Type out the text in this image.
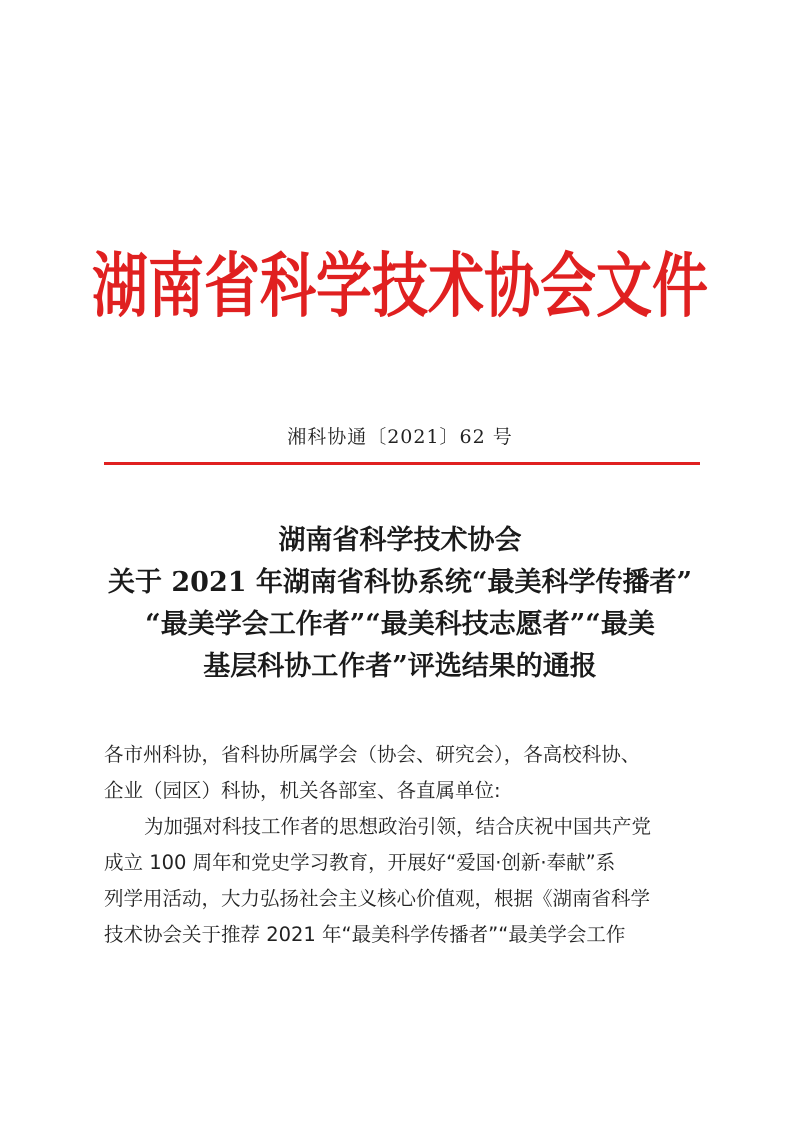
湖南省科学技术协会文件
湘科协通〔2021〕62 号
湖南省科学技术协会
关于 2021 年湖南省科协系统“最美科学传播者”
“最美学会工作者”“最美科技志愿者”“最美
基层科协工作者”评选结果的通报
各市州科协，省科协所属学会（协会、研究会），各高校科协、
企业（园区）科协，机关各部室、各直属单位:
为加强对科技工作者的思想政治引领，结合庆祝中国共产党
成立 100 周年和党史学习教育，开展好“爱国·创新·奉献”系
列学用活动，大力弘扬社会主义核心价值观，根据《湖南省科学
技术协会关于推荐 2021 年“最美科学传播者”“最美学会工作
